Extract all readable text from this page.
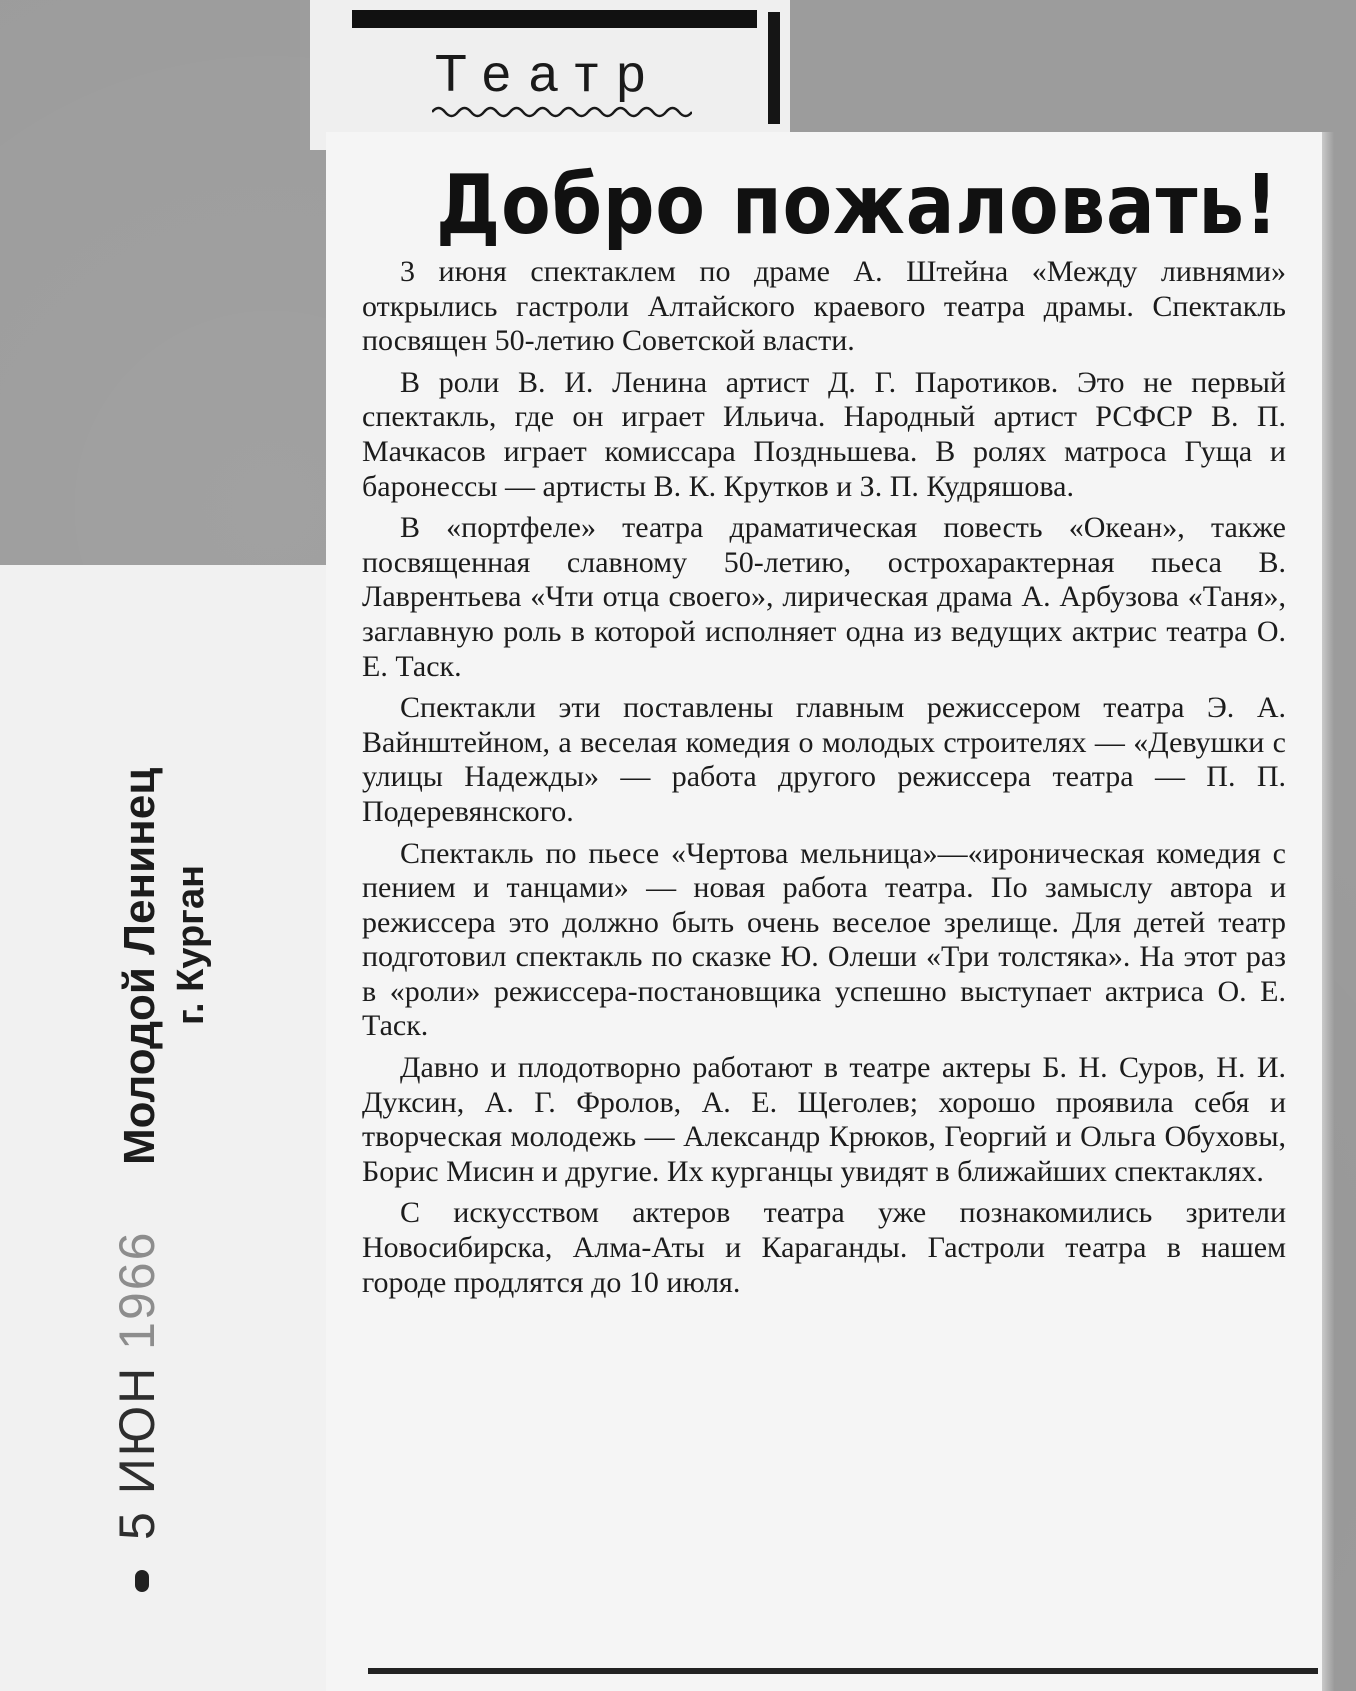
Театр
Молодой Ленинец г. Курган
5 ИЮН 1966
Добро пожаловать!

3 июня спектаклем по драме А. Штейна «Между ливнями» открылись гастроли Алтайского краевого театра драмы. Спектакль посвящен 50-летию Советской власти.

В роли В. И. Ленина артист Д. Г. Паротиков. Это не первый спектакль, где он играет Ильича. Народный артист РСФСР В. П. Мачкасов играет комиссара Поздньшева. В ролях матроса Гуща и баронессы — артисты В. К. Крутков и З. П. Кудряшова.

В «портфеле» театра драматическая повесть «Океан», также посвященная славному 50-летию, острохарактерная пьеса В. Лаврентьева «Чти отца своего», лирическая драма А. Арбузова «Таня», заглавную роль в которой исполняет одна из ведущих актрис театра О. Е. Таск.

Спектакли эти поставлены главным режиссером театра Э. А. Вайнштейном, а веселая комедия о молодых строителях — «Девушки с улицы Надежды» — работа другого режиссера театра — П. П. Подеревянского.

Спектакль по пьесе «Чертова мельница»—«ироническая комедия с пением и танцами» — новая работа театра. По замыслу автора и режиссера это должно быть очень веселое зрелище. Для детей театр подготовил спектакль по сказке Ю. Олеши «Три толстяка». На этот раз в «роли» режиссера-постановщика успешно выступает актриса О. Е. Таск.

Давно и плодотворно работают в театре актеры Б. Н. Суров, Н. И. Дуксин, А. Г. Фролов, А. Е. Щеголев; хорошо проявила себя и творческая молодежь — Александр Крюков, Георгий и Ольга Обуховы, Борис Мисин и другие. Их курганцы увидят в ближайших спектаклях.

С искусством актеров театра уже познакомились зрители Новосибирска, Алма-Аты и Караганды. Гастроли театра в нашем городе продлятся до 10 июля.
